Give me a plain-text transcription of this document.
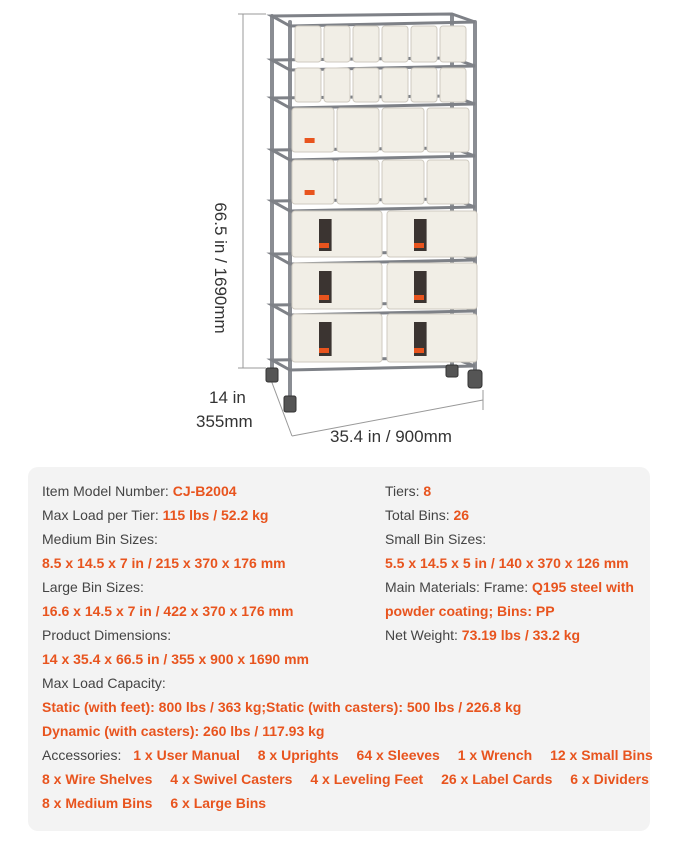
66.5 in / 1690mm
14 in
355mm
35.4 in / 900mm
Item Model Number: CJ-B2004
Max Load per Tier: 115 lbs / 52.2 kg
Medium Bin Sizes:
8.5 x 14.5 x 7 in / 215 x 370 x 176 mm
Large Bin Sizes:
16.6 x 14.5 x 7 in / 422 x 370 x 176 mm
Product Dimensions:
14 x 35.4 x 66.5 in / 355 x 900 x 1690 mm
Max Load Capacity:
Static (with feet): 800 lbs / 363 kg;Static (with casters): 500 lbs / 226.8 kg
Dynamic (with casters): 260 lbs / 117.93 kg
Tiers: 8
Total Bins: 26
Small Bin Sizes:
5.5 x 14.5 x 5 in / 140 x 370 x 126 mm
Main Materials: Frame: Q195 steel with
powder coating; Bins: PP
Net Weight: 73.19 lbs / 33.2 kg
Accessories: 1 x User Manual 8 x Uprights 64 x Sleeves 1 x Wrench 12 x Small Bins
8 x Wire Shelves 4 x Swivel Casters 4 x Leveling Feet 26 x Label Cards 6 x Dividers
8 x Medium Bins 6 x Large Bins
